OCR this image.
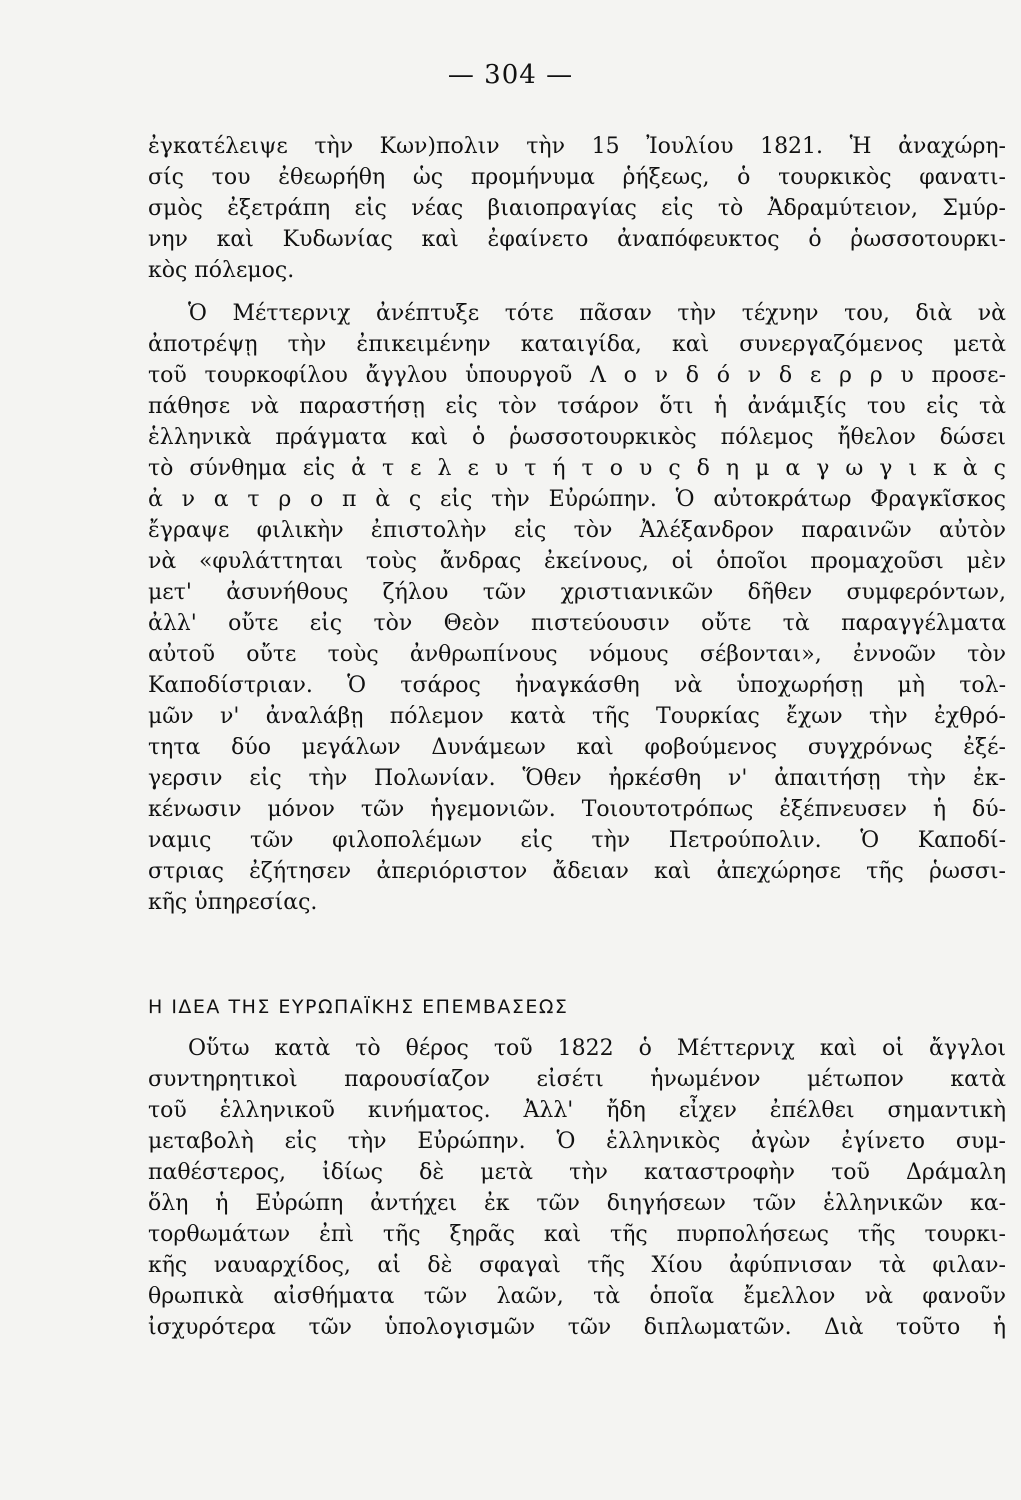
— 304 —
ἐγκατέλειψε τὴν Κων)πολιν τὴν 15 Ἰουλίου 1821. Ἡ ἀναχώρη-
σίς του ἐθεωρήθη ὡς προμήνυμα ῥήξεως, ὁ τουρκικὸς φανατι-
σμὸς ἐξετράπη εἰς νέας βιαιοπραγίας εἰς τὸ Ἀδραμύτειον, Σμύρ-
νην καὶ Κυδωνίας καὶ ἐφαίνετο ἀναπόφευκτος ὁ ῥωσσοτουρκι-
κὸς πόλεμος.
Ὁ Μέττερνιχ ἀνέπτυξε τότε πᾶσαν τὴν τέχνην του, διὰ νὰ
ἀποτρέψῃ τὴν ἐπικειμένην καταιγίδα, καὶ συνεργαζόμενος μετὰ
τοῦ τουρκοφίλου ἄγγλου ὑπουργοῦ Λ ο ν δ ό ν δ ε ρ ρ υ προσε-
πάθησε νὰ παραστήσῃ εἰς τὸν τσάρον ὅτι ἡ ἀνάμιξίς του εἰς τὰ
ἑλληνικὰ πράγματα καὶ ὁ ῥωσσοτουρκικὸς πόλεμος ἤθελον δώσει
τὸ σύνθημα εἰς ἀ τ ε λ ε υ τ ή τ ο υ ς δ η μ α γ ω γ ι κ ὰ ς
ἀ ν α τ ρ ο π ὰ ς εἰς τὴν Εὐρώπην. Ὁ αὐτοκράτωρ Φραγκῖσκος
ἔγραψε φιλικὴν ἐπιστολὴν εἰς τὸν Ἀλέξανδρον παραινῶν αὐτὸν
νὰ «φυλάττηται τοὺς ἄνδρας ἐκείνους, οἱ ὁποῖοι προμαχοῦσι μὲν
μετ' ἀσυνήθους ζήλου τῶν χριστιανικῶν δῆθεν συμφερόντων,
ἀλλ' οὔτε εἰς τὸν Θεὸν πιστεύουσιν οὔτε τὰ παραγγέλματα
αὐτοῦ οὔτε τοὺς ἀνθρωπίνους νόμους σέβονται», ἐννοῶν τὸν
Καποδίστριαν. Ὁ τσάρος ἠναγκάσθη νὰ ὑποχωρήσῃ μὴ τολ-
μῶν ν' ἀναλάβῃ πόλεμον κατὰ τῆς Τουρκίας ἔχων τὴν ἐχθρό-
τητα δύο μεγάλων Δυνάμεων καὶ φοβούμενος συγχρόνως ἐξέ-
γερσιν εἰς τὴν Πολωνίαν. Ὅθεν ἠρκέσθη ν' ἀπαιτήσῃ τὴν ἐκ-
κένωσιν μόνον τῶν ἡγεμονιῶν. Τοιουτοτρόπως ἐξέπνευσεν ἡ δύ-
ναμις τῶν φιλοπολέμων εἰς τὴν Πετρούπολιν. Ὁ Καποδί-
στριας ἐζήτησεν ἀπεριόριστον ἄδειαν καὶ ἀπεχώρησε τῆς ῥωσσι-
κῆς ὑπηρεσίας.
Η ΙΔΕΑ ΤΗΣ ΕΥΡΩΠΑΪΚΗΣ ΕΠΕΜΒΑΣΕΩΣ
Οὕτω κατὰ τὸ θέρος τοῦ 1822 ὁ Μέττερνιχ καὶ οἱ ἄγγλοι
συντηρητικοὶ παρουσίαζον εἰσέτι ἡνωμένον μέτωπον κατὰ
τοῦ ἑλληνικοῦ κινήματος. Ἀλλ' ἤδη εἶχεν ἐπέλθει σημαντικὴ
μεταβολὴ εἰς τὴν Εὐρώπην. Ὁ ἑλληνικὸς ἀγὼν ἐγίνετο συμ-
παθέστερος, ἰδίως δὲ μετὰ τὴν καταστροφὴν τοῦ Δράμαλη
ὅλη ἡ Εὐρώπη ἀντήχει ἐκ τῶν διηγήσεων τῶν ἑλληνικῶν κα-
τορθωμάτων ἐπὶ τῆς ξηρᾶς καὶ τῆς πυρπολήσεως τῆς τουρκι-
κῆς ναυαρχίδος, αἱ δὲ σφαγαὶ τῆς Χίου ἀφύπνισαν τὰ φιλαν-
θρωπικὰ αἰσθήματα τῶν λαῶν, τὰ ὁποῖα ἔμελλον νὰ φανοῦν
ἰσχυρότερα τῶν ὑπολογισμῶν τῶν διπλωματῶν. Διὰ τοῦτο ἡ
